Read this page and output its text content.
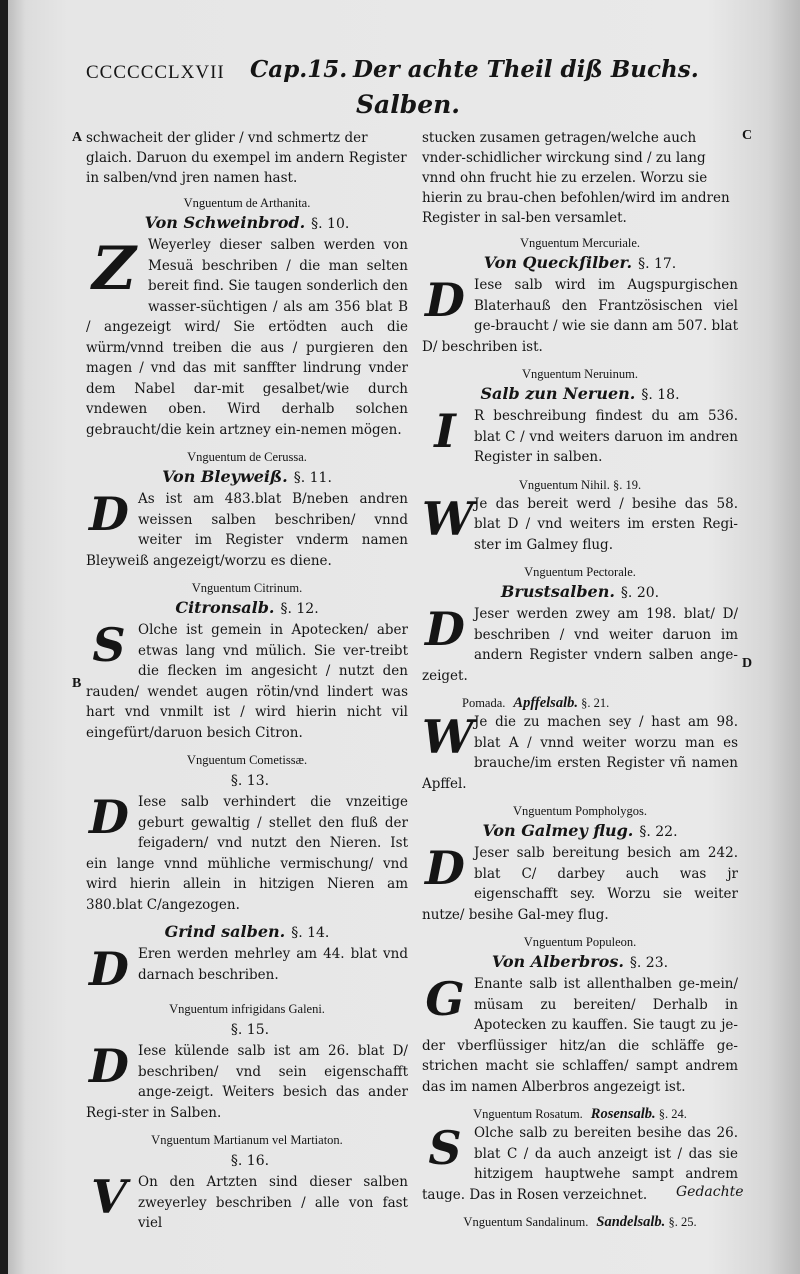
CCCCCCLXVII Cap.15. Der achte Theil diß Buchs.
Salben.
A
B
C
D
schwacheit der glider / vnd schmertz der glaich. Daruon du exempel im andern Register in salben/vnd jren namen hast.
Vnguentum de Arthanita.
Von Schweinbrod. §. 10.
Z Weyerley dieser salben werden von Mesuä beschriben / die man selten bereit find. Sie taugen sonderlich den wasser-süchtigen / als am 356 blat B / angezeigt wird/ Sie ertödten auch die würm/vnnd treiben die aus / purgieren den magen / vnd das mit sanffter lindrung vnder dem Nabel dar-mit gesalbet/wie durch vndewen oben. Wird derhalb solchen gebraucht/die kein artzney ein-nemen mögen.
Vnguentum de Cerussa.
Von Bleyweiß. §. 11.
D As ist am 483.blat B/neben andren weissen salben beschriben/ vnnd weiter im Register vnderm namen Bleyweiß angezeigt/worzu es diene.
Vnguentum Citrinum.
Citronsalb. §. 12.
S Olche ist gemein in Apotecken/ aber etwas lang vnd mülich. Sie ver-treibt die flecken im angesicht / nutzt den rauden/ wendet augen rötin/vnd lindert was hart vnd vnmilt ist / wird hierin nicht vil eingefürt/daruon besich Citron.
Vnguentum Cometissæ.
§. 13.
D Iese salb verhindert die vnzeitige geburt gewaltig / stellet den fluß der feigadern/ vnd nutzt den Nieren. Ist ein lange vnnd mühliche vermischung/ vnd wird hierin allein in hitzigen Nieren am 380.blat C/angezogen.
Grind salben. §. 14.
D Eren werden mehrley am 44. blat vnd darnach beschriben.
Vnguentum infrigidans Galeni.
§. 15.
D Iese külende salb ist am 26. blat D/ beschriben/ vnd sein eigenschafft ange-zeigt. Weiters besich das ander Regi-ster in Salben.
Vnguentum Martianum vel Martiaton.
§. 16.
V On den Artzten sind dieser salben zweyerley beschriben / alle von fast viel
stucken zusamen getragen/welche auch vnder-schidlicher wirckung sind / zu lang vnnd ohn frucht hie zu erzelen. Worzu sie hierin zu brau-chen befohlen/wird im andren Register in sal-ben versamlet.
Vnguentum Mercuriale.
Von Queckſilber. §. 17.
D Iese salb wird im Augspurgischen Blaterhauß den Frantzösischen viel ge-braucht / wie sie dann am 507. blat D/ beschriben ist.
Vnguentum Neruinum.
Salb zun Neruen. §. 18.
I	R beschreibung findest du am 536. blat C / vnd weiters daruon im andren Register in salben.
Vnguentum Nihil. §. 19.
W Je das bereit werd / besihe das 58. blat D / vnd weiters im ersten Regi-ster im Galmey flug.
Vnguentum Pectorale.
Brustsalben. §. 20.
D Jeser werden zwey am 198. blat/ D/ beschriben / vnd weiter daruon im andern Register vndern salben ange-zeiget.
Pomada. Apffelsalb. §. 21.
W Je die zu machen sey / hast am 98. blat A / vnnd weiter worzu man es brauche/im ersten Register vñ namen Apffel.
Vnguentum Pompholygos.
Von Galmey flug. §. 22.
D Jeser salb bereitung besich am 242. blat C/ darbey auch was jr eigenschafft sey. Worzu sie weiter nutze/ besihe Gal-mey flug.
Vnguentum Populeon.
Von Alberbros. §. 23.
G Enante salb ist allenthalben ge-mein/ müsam zu bereiten/ Derhalb in Apotecken zu kauffen. Sie taugt zu je-der vberflüssiger hitz/an die schläffe ge-strichen macht sie schlaffen/ sampt andrem das im namen Alberbros angezeigt ist.
Vnguentum Rosatum. Rosensalb. §. 24.
S Olche salb zu bereiten besihe das 26. blat C / da auch anzeigt ist / das sie hitzigem hauptwehe sampt andrem tauge. Das in Rosen verzeichnet.
Vnguentum Sandalinum. Sandelsalb. §. 25.
Gedachte
